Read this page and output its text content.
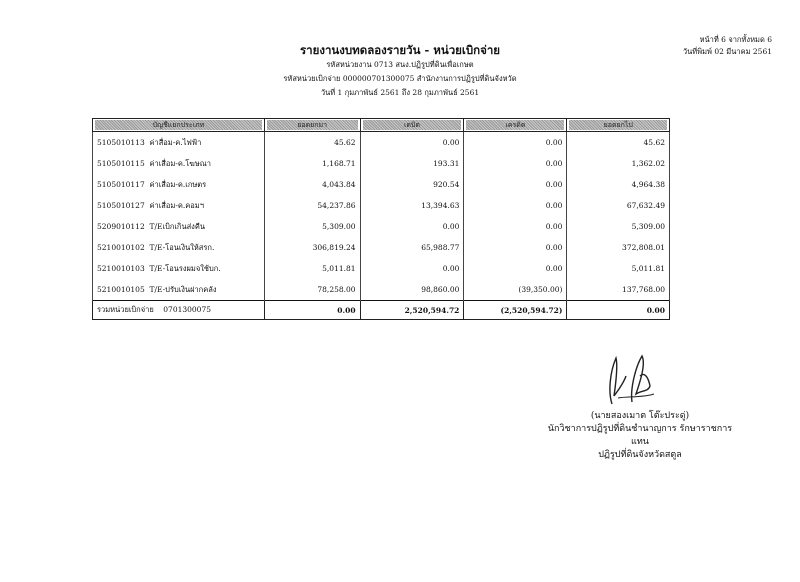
รายงานงบทดลองรายวัน - หน่วยเบิกจ่าย
รหัสหน่วยงาน 0713 สนง.ปฏิรูปที่ดินเพื่อเกษต
รหัสหน่วยเบิกจ่าย 000000701300075 สำนักงานการปฏิรูปที่ดินจังหวัด
วันที่ 1 กุมภาพันธ์ 2561 ถึง 28 กุมภาพันธ์ 2561
หน้าที่ 6 จากทั้งหมด 6
วันที่พิมพ์ 02 มีนาคม 2561
บัญชีแยกประเภท	ยอดยกมา	เดบิต	เครดิต	ยอดยกไป

5105010113 ค่าสื่อม-ค.ไฟฟ้า	45.62	0.00	0.00	45.62
5105010115 ค่าเสื่อม-ค.โฆษณา	1,168.71	193.31	0.00	1,362.02
5105010117 ค่าเสื่อม-ค.เกษตร	4,043.84	920.54	0.00	4,964.38
5105010127 ค่าเสื่อม-ค.คอมฯ	54,237.86	13,394.63	0.00	67,632.49
5209010112 T/Eเบิกเกินส่งคืน	5,309.00	0.00	0.00	5,309.00
5210010102 T/E-โอนเงินให้สรก.	306,819.24	65,988.77	0.00	372,808.01
5210010103 T/E-โอนรงผมจใช้บก.	5,011.81	0.00	0.00	5,011.81
5210010105 T/E-ปรับเงินฝากคลัง	78,258.00	98,860.00	(39,350.00)	137,768.00
รวมหน่วยเบิกจ่าย 0701300075	0.00	2,520,594.72	(2,520,594.72)	0.00
(นายสองเมาต โต๊ะประดู่)
นักวิชาการปฏิรูปที่ดินชำนาญการ รักษาราชการแทน
ปฏิรูปที่ดินจังหวัดสตูล
